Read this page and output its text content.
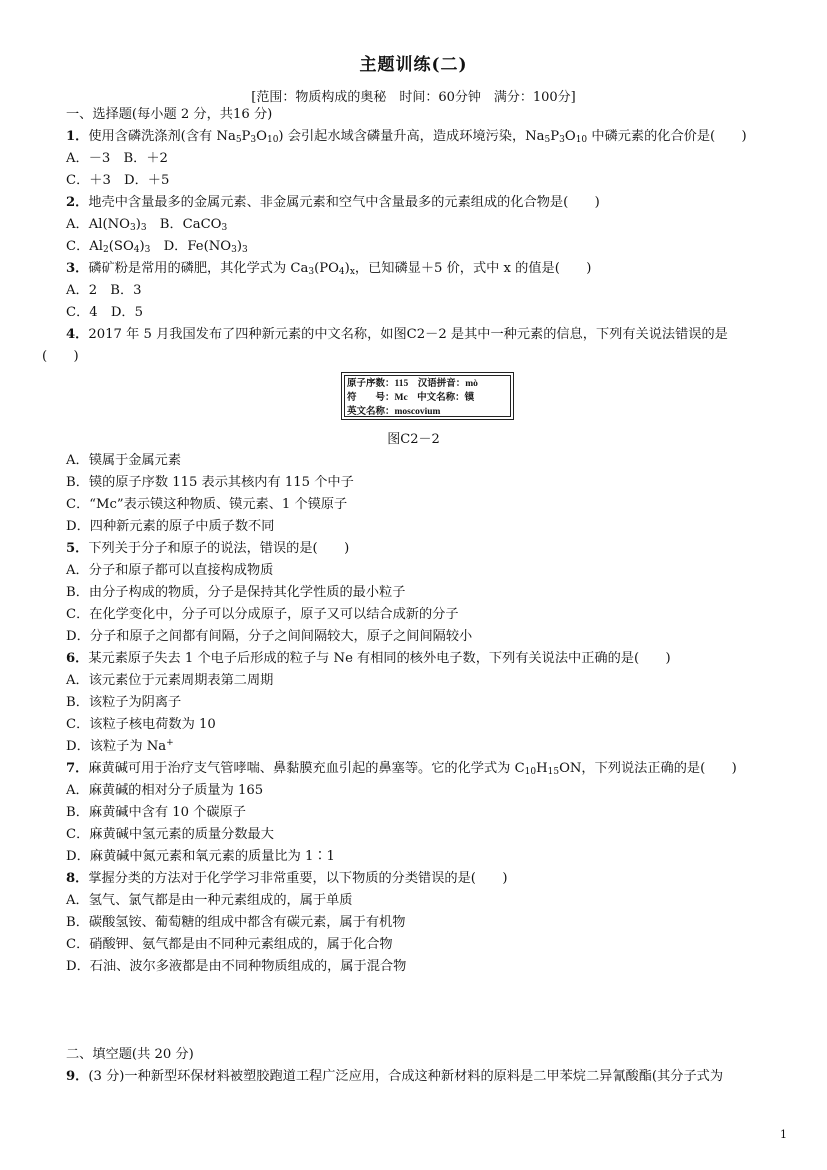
主题训练(二)
[范围：物质构成的奥秘　时间：60分钟　满分：100分]
一、选择题(每小题 2 分，共16 分)
1．使用含磷洗涤剂(含有 $Na_5P_3O_{10}$) 会引起水域含磷量升高，造成环境污染，$Na_5P_3O_{10}$ 中磷元素的化合价是(　　)
A．－3　B．＋2
C．＋3　D．＋5
2．地壳中含量最多的金属元素、非金属元素和空气中含量最多的元素组成的化合物是(　　)
A．$Al(NO_3)_3$　B．CaCO$_3$
C．$Al_2(SO_4)_3$　D．$Fe(NO_3)_3$
3．磷矿粉是常用的磷肥，其化学式为 $Ca_3(PO_4)_x$，已知磷显＋5 价，式中 x 的值是(　　)
A．2　B．3
C．4　D．5
4．2017 年 5 月我国发布了四种新元素的中文名称，如图C2－2 是其中一种元素的信息，下列有关说法错误的是
(　　)
原子序数：115　汉语拼音：mò
符　　号：Mc　中文名称：镆
英文名称：moscovium
图C2－2
A．镆属于金属元素
B．镆的原子序数 115 表示其核内有 115 个中子
C．“Mc”表示镆这种物质、镆元素、1 个镆原子
D．四种新元素的原子中质子数不同
5．下列关于分子和原子的说法，错误的是(　　)
A．分子和原子都可以直接构成物质
B．由分子构成的物质，分子是保持其化学性质的最小粒子
C．在化学变化中，分子可以分成原子，原子又可以结合成新的分子
D．分子和原子之间都有间隔，分子之间间隔较大，原子之间间隔较小
6．某元素原子失去 1 个电子后形成的粒子与 Ne 有相同的核外电子数，下列有关说法中正确的是(　　)
A．该元素位于元素周期表第二周期
B．该粒子为阴离子
C．该粒子核电荷数为 10
D．该粒子为 Na+
7．麻黄碱可用于治疗支气管哮喘、鼻黏膜充血引起的鼻塞等。它的化学式为 $C_{10}H_{15}ON$，下列说法正确的是(　　)
A．麻黄碱的相对分子质量为 165
B．麻黄碱中含有 10 个碳原子
C．麻黄碱中氢元素的质量分数最大
D．麻黄碱中氮元素和氧元素的质量比为 1∶1
8．掌握分类的方法对于化学学习非常重要，以下物质的分类错误的是(　　)
A．氢气、氯气都是由一种元素组成的，属于单质
B．碳酸氢铵、葡萄糖的组成中都含有碳元素，属于有机物
C．硝酸钾、氨气都是由不同种元素组成的，属于化合物
D．石油、波尔多液都是由不同种物质组成的，属于混合物
二、填空题(共 20 分)
9．(3 分)一种新型环保材料被塑胶跑道工程广泛应用，合成这种新材料的原料是二甲苯烷二异氰酸酯(其分子式为
1
